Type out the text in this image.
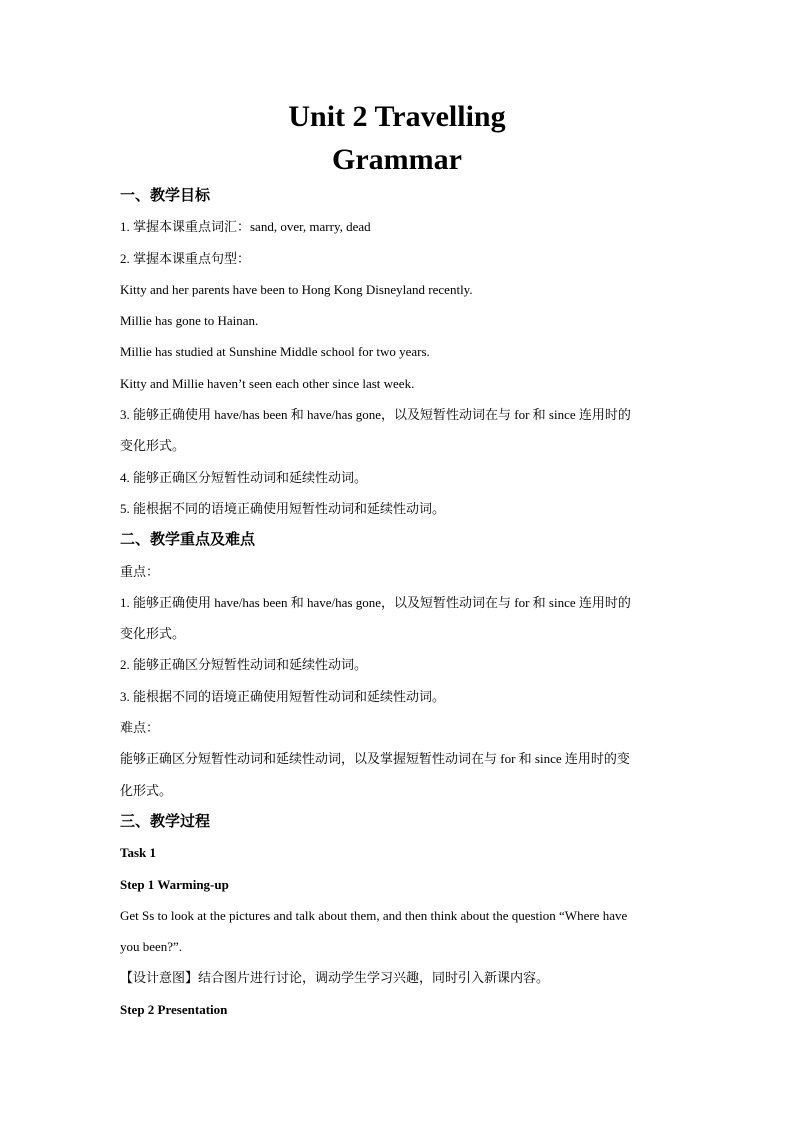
Unit 2 Travelling
Grammar
一、教学目标
1. 掌握本课重点词汇：sand, over, marry, dead
2. 掌握本课重点句型：
Kitty and her parents have been to Hong Kong Disneyland recently.
Millie has gone to Hainan.
Millie has studied at Sunshine Middle school for two years.
Kitty and Millie haven’t seen each other since last week.
3. 能够正确使用 have/has been 和 have/has gone，以及短暂性动词在与 for 和 since 连用时的
变化形式。
4. 能够正确区分短暂性动词和延续性动词。
5. 能根据不同的语境正确使用短暂性动词和延续性动词。
二、教学重点及难点
重点：
1. 能够正确使用 have/has been 和 have/has gone，以及短暂性动词在与 for 和 since 连用时的
变化形式。
2. 能够正确区分短暂性动词和延续性动词。
3. 能根据不同的语境正确使用短暂性动词和延续性动词。
难点：
能够正确区分短暂性动词和延续性动词，以及掌握短暂性动词在与 for 和 since 连用时的变
化形式。
三、教学过程
Task 1
Step 1 Warming-up
Get Ss to look at the pictures and talk about them, and then think about the question “Where have
you been?”.
【设计意图】结合图片进行讨论，调动学生学习兴趣，同时引入新课内容。
Step 2 Presentation
